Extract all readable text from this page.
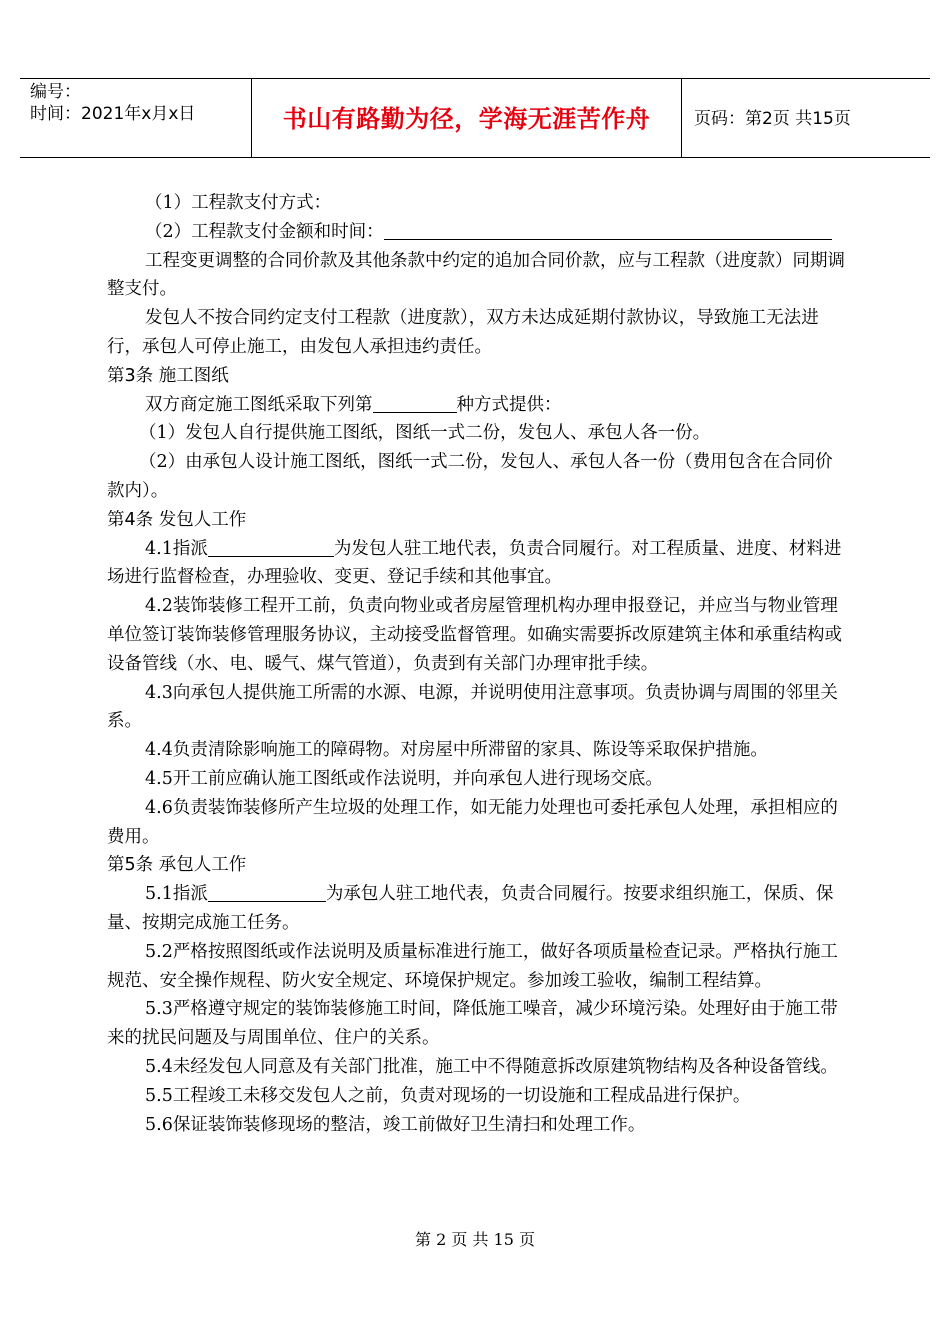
编号：
时间：2021年x月x日	书山有路勤为径，学海无涯苦作舟	页码：第2页 共15页

（1）工程款支付方式：

（2）工程款支付金额和时间：

工程变更调整的合同价款及其他条款中约定的追加合同价款，应与工程款（进度款）同期调整支付。

发包人不按合同约定支付工程款（进度款），双方未达成延期付款协议，导致施工无法进行，承包人可停止施工，由发包人承担违约责任。

第3条 施工图纸

双方商定施工图纸采取下列第	种方式提供：

（1）发包人自行提供施工图纸，图纸一式二份，发包人、承包人各一份。

（2）由承包人设计施工图纸，图纸一式二份，发包人、承包人各一份（费用包含在合同价款内）。

第4条 发包人工作

4.1指派	为发包人驻工地代表，负责合同履行。对工程质量、进度、材料进场进行监督检查，办理验收、变更、登记手续和其他事宜。

4.2装饰装修工程开工前，负责向物业或者房屋管理机构办理申报登记，并应当与物业管理单位签订装饰装修管理服务协议，主动接受监督管理。如确实需要拆改原建筑主体和承重结构或设备管线（水、电、暖气、煤气管道），负责到有关部门办理审批手续。

4.3向承包人提供施工所需的水源、电源，并说明使用注意事项。负责协调与周围的邻里关系。

4.4负责清除影响施工的障碍物。对房屋中所滞留的家具、陈设等采取保护措施。

4.5开工前应确认施工图纸或作法说明，并向承包人进行现场交底。

4.6负责装饰装修所产生垃圾的处理工作，如无能力处理也可委托承包人处理，承担相应的费用。

第5条 承包人工作

5.1指派	为承包人驻工地代表，负责合同履行。按要求组织施工，保质、保量、按期完成施工任务。

5.2严格按照图纸或作法说明及质量标准进行施工，做好各项质量检查记录。严格执行施工规范、安全操作规程、防火安全规定、环境保护规定。参加竣工验收，编制工程结算。

5.3严格遵守规定的装饰装修施工时间，降低施工噪音，减少环境污染。处理好由于施工带来的扰民问题及与周围单位、住户的关系。

5.4未经发包人同意及有关部门批准，施工中不得随意拆改原建筑物结构及各种设备管线。

5.5工程竣工未移交发包人之前，负责对现场的一切设施和工程成品进行保护。

5.6保证装饰装修现场的整洁，竣工前做好卫生清扫和处理工作。

第 2 页 共 15 页
